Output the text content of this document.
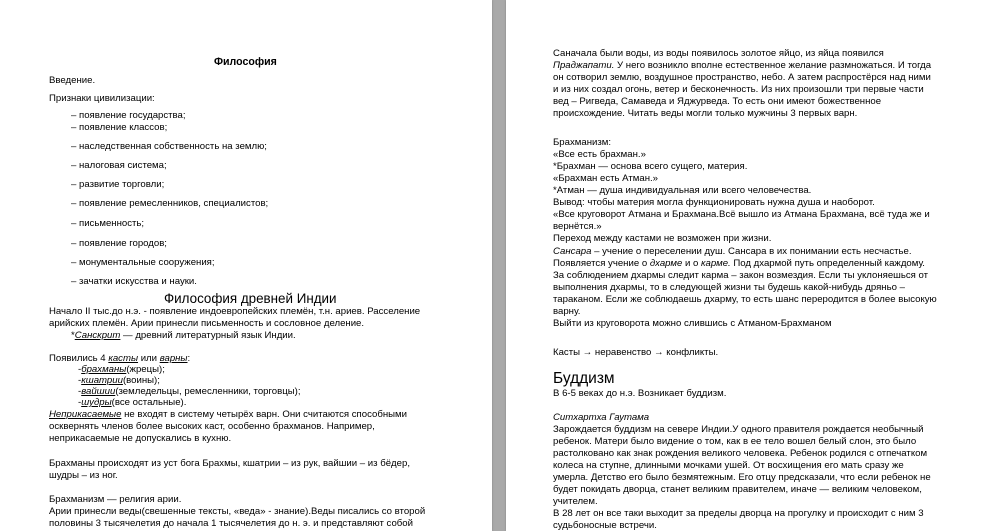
Философия
Введение.
Признаки цивилизации:
– появление государства;
– появление классов;
– наследственная собственность на землю;
– налоговая система;
– развитие торговли;
– появление ремесленников, специалистов;
– письменность;
– появление городов;
– монументальные сооружения;
– зачатки искусства и науки.
Философия древней Индии
Начало II тыс.до н.э. - появление индоевропейских племён, т.н. ариев. Расселение
арийских племён. Арии принесли письменность и сословное деление.
*Санскрит — древний литературный язык Индии.
Появились 4 касты или варны:
-брахманы(жрецы);
-кшатрии(воины);
-вайшии(земледельцы, ремесленники, торговцы);
-шудры(все остальные).
Неприкасаемые не входят в систему четырёх варн. Они считаются способными
осквернять членов более высоких каст, особенно брахманов. Например,
неприкасаемые не допускались в кухню.
Брахманы происходят из уст бога Брахмы, кшатрии – из рук, вайшии – из бёдер,
шудры – из ног.
Брахманизм — религия арии.
Арии принесли веды(свешенные тексты, «веда» - знание).Веды писались со второй
половины 3 тысячелетия до начала 1 тысячелетия до н. э. и представляют собой
Саначала были воды, из воды появилось золотое яйцо, из яйца появился
Праджапати. У него возникло вполне естественное желание размножаться. И тогда
он сотворил землю, воздушное пространство, небо. А затем распростёрся над ними
и из них создал огонь, ветер и бесконечность. Из них произошли три первые части
вед – Ригведа, Самаведа и Яджурведа. То есть они имеют божественное
происхождение. Читать веды могли только мужчины 3 первых варн.
Брахманизм:
«Все есть брахман.»
*Брахман — основа всего сущего, материя.
«Брахман есть Атман.»
*Атман — душа индивидуальная или всего человечества.
Вывод: чтобы материя могла функционировать нужна душа и наоборот.
«Все круговорот Атмана и Брахмана.Всё вышло из Атмана Брахмана, всё туда же и
вернётся.»
Переход между кастами не возможен при жизни.
Сансара – учение о переселении душ. Сансара в их понимании есть несчастье.
Появляется учение о дхарме и о карме. Под дхармой путь определенный каждому.
За соблюдением дхармы следит карма – закон возмездия. Если ты уклоняешься от
выполнения дхармы, то в следующей жизни ты будешь какой-нибудь дряньо –
тараканом. Если же соблюдаешь дхарму, то есть шанс переродится в более высокую
варну.
Выйти из круговорота можно слившись с Атманом-Брахманом
Касты → неравенство → конфликты.
Буддизм
В 6-5 веках до н.э. Возникает буддизм.
Ситхартха Гаутама
Зарождается буддизм на севере Индии.У одного правителя рождается необычный
ребенок. Матери было видение о том, как в ее тело вошел белый слон, это было
растолковано как знак рождения великого человека. Ребенок родился с отпечатком
колеса на ступне, длинными мочками ушей. От восхищения его мать сразу же
умерла. Детство его было безмятежным. Его отцу предсказали, что если ребенок не
будет покидать дворца, станет великим правителем, иначе — великим человеком,
учителем.
В 28 лет он все таки выходит за пределы дворца на прогулку и происходит с ним 3
судьбоносные встречи.
